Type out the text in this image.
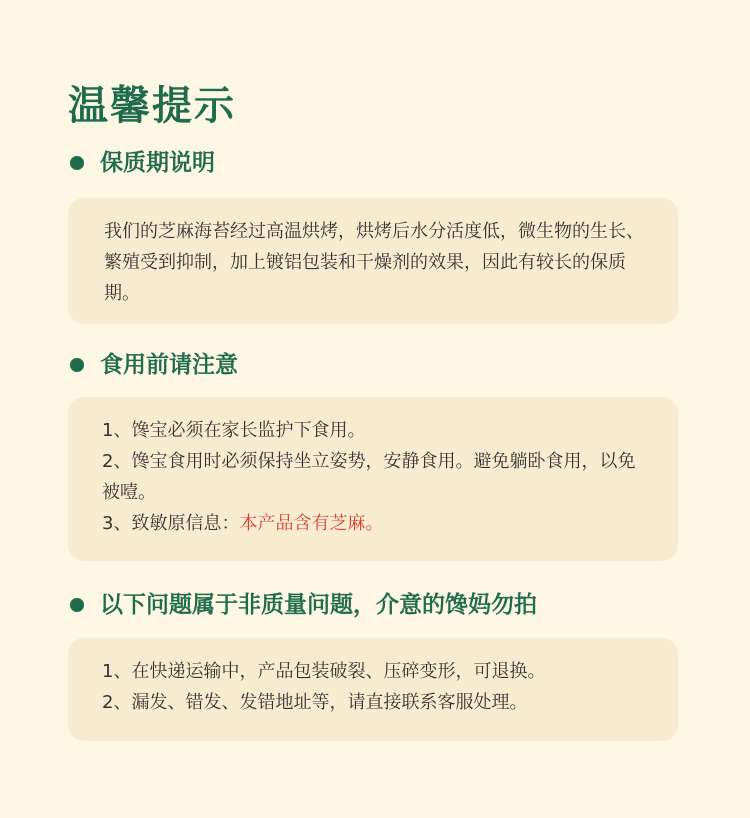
温馨提示
保质期说明

我们的芝麻海苔经过高温烘烤，烘烤后水分活度低，微生物的生长、繁殖受到抑制，加上镀铝包装和干燥剂的效果，因此有较长的保质期。

食用前请注意

1、馋宝必须在家长监护下食用。

2、馋宝食用时必须保持坐立姿势，安静食用。避免躺卧食用，以免被噎。

3、致敏原信息：本产品含有芝麻。

以下问题属于非质量问题，介意的馋妈勿拍

1、在快递运输中，产品包装破裂、压碎变形，可退换。

2、漏发、错发、发错地址等，请直接联系客服处理。
